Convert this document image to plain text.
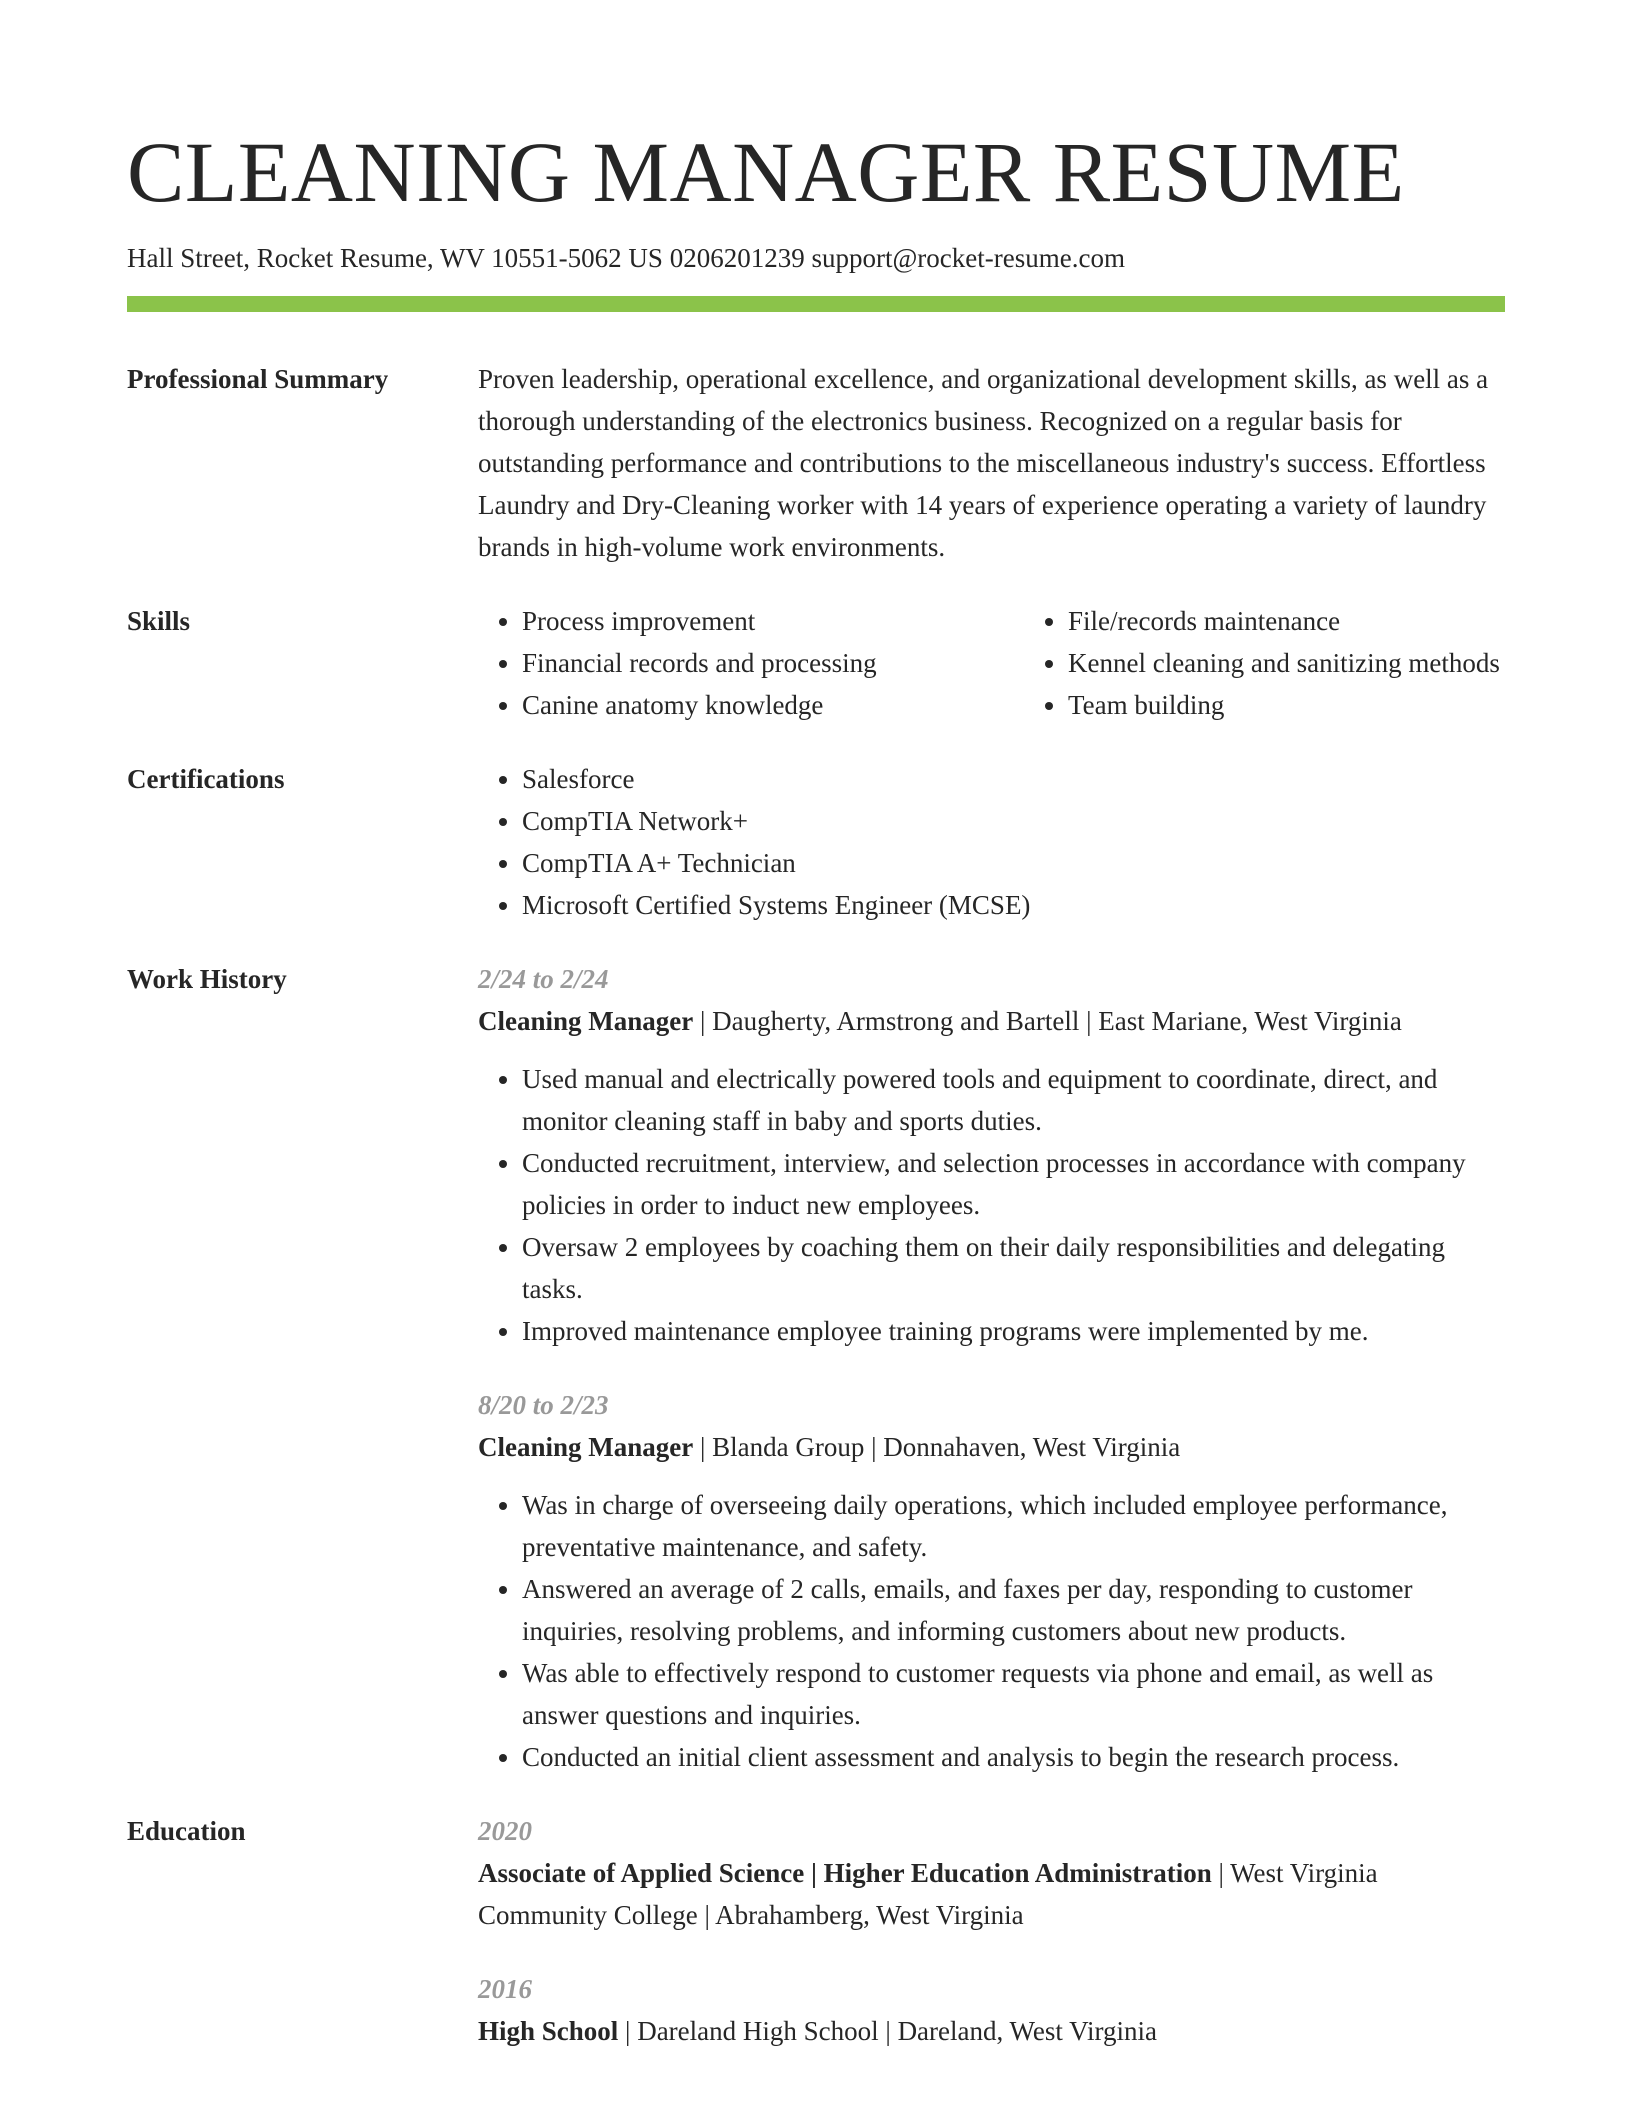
CLEANING MANAGER RESUME
Hall Street, Rocket Resume, WV 10551-5062 US 0206201239 support@rocket-resume.com
Professional Summary	Proven leadership, operational excellence, and organizational development skills, as well as a thorough understanding of the electronics business. Recognized on a regular basis for outstanding performance and contributions to the miscellaneous industry's success. Effortless Laundry and Dry-Cleaning worker with 14 years of experience operating a variety of laundry brands in high-volume work environments.
Skills	• Process improvement
• Financial records and processing
• Canine anatomy knowledge
• File/records maintenance
• Kennel cleaning and sanitizing methods
• Team building
Certifications	• Salesforce
• CompTIA Network+
• CompTIA A+ Technician
• Microsoft Certified Systems Engineer (MCSE)
Work History	2/24 to 2/24
Cleaning Manager | Daugherty, Armstrong and Bartell | East Mariane, West Virginia
• Used manual and electrically powered tools and equipment to coordinate, direct, and monitor cleaning staff in baby and sports duties.
• Conducted recruitment, interview, and selection processes in accordance with company policies in order to induct new employees.
• Oversaw 2 employees by coaching them on their daily responsibilities and delegating tasks.
• Improved maintenance employee training programs were implemented by me.
8/20 to 2/23
Cleaning Manager | Blanda Group | Donnahaven, West Virginia
• Was in charge of overseeing daily operations, which included employee performance, preventative maintenance, and safety.
• Answered an average of 2 calls, emails, and faxes per day, responding to customer inquiries, resolving problems, and informing customers about new products.
• Was able to effectively respond to customer requests via phone and email, as well as answer questions and inquiries.
• Conducted an initial client assessment and analysis to begin the research process.
Education	2020
Associate of Applied Science | Higher Education Administration | West Virginia Community College | Abrahamberg, West Virginia
2016
High School | Dareland High School | Dareland, West Virginia
